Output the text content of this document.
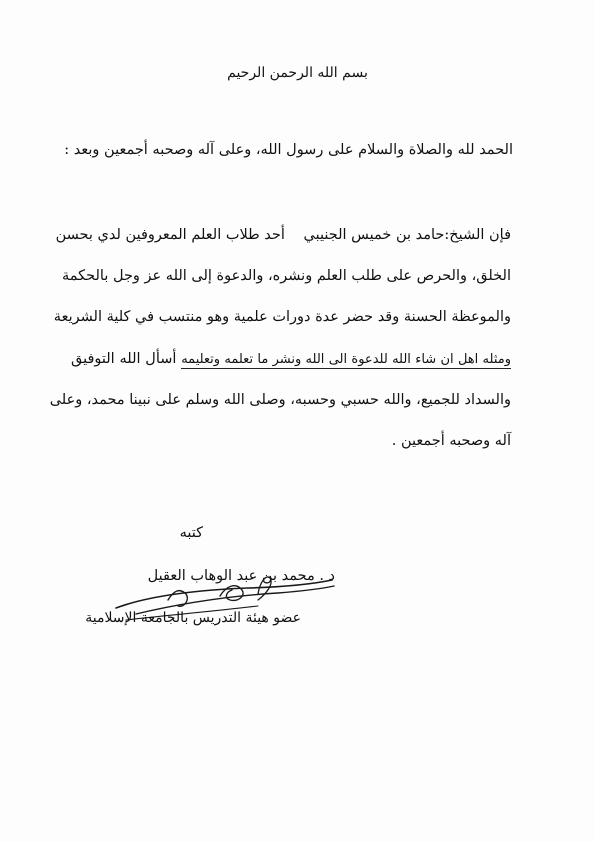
بسم الله الرحمن الرحيم
الحمد لله والصلاة والسلام على رسول الله، وعلى آله وصحبه أجمعين وبعد :
فإن الشيخ:حامد بن خميس الجنيبي أحد طلاب العلم المعروفين لدي بحسن
الخلق، والحرص على طلب العلم ونشره، والدعوة إلى الله عز وجل بالحكمة
والموعظة الحسنة وقد حضر عدة دورات علمية وهو منتسب في كلية الشريعة
ومثله اهل ان شاء الله للدعوة الى الله ونشر ما تعلمه وتعليمه أسأل الله التوفيق
والسداد للجميع، والله حسبي وحسبه، وصلى الله وسلم على نبينا محمد، وعلى
آله وصحبه أجمعين .
كتبه
د . محمد بن عبد الوهاب العقيل
عضو هيئة التدريس بالجامعة الإسلامية
